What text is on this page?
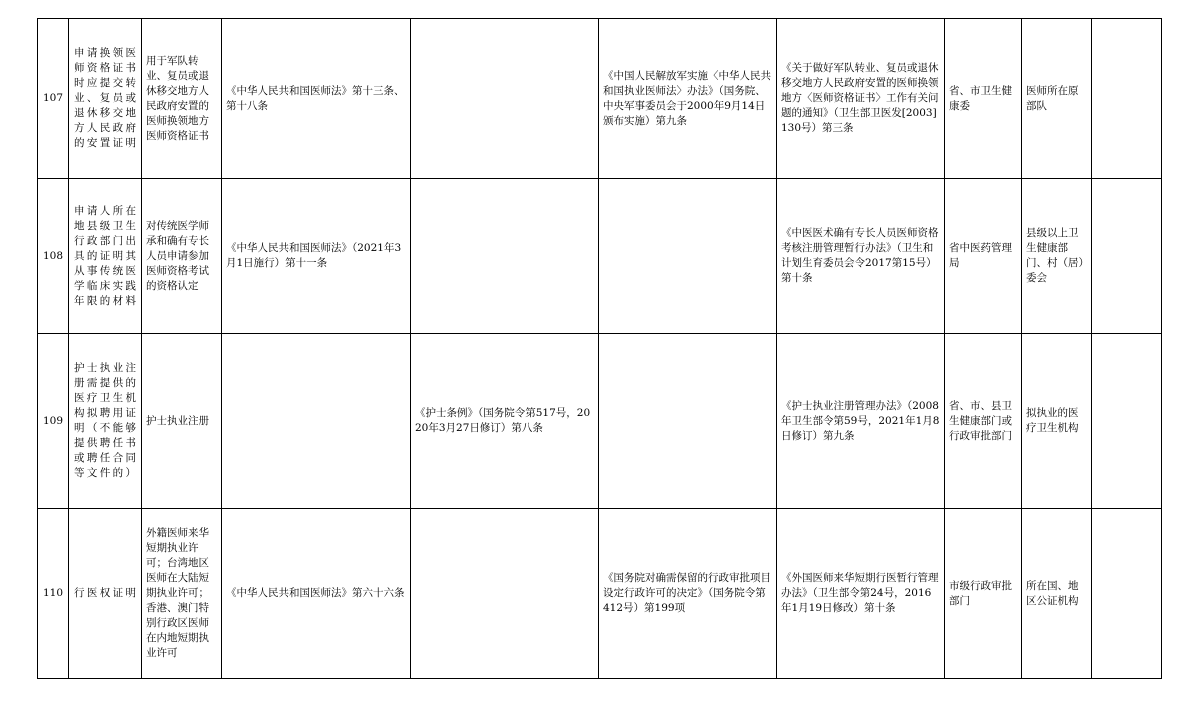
107	申请换领医师资格证书时应提交转业、复员或退休移交地方人民政府的安置证明	用于军队转业、复员或退休移交地方人民政府安置的医师换领地方医师资格证书	《中华人民共和国医师法》第十三条、第十八条		《中国人民解放军实施〈中华人民共和国执业医师法〉办法》（国务院、中央军事委员会于2000年9月14日颁布实施）第九条	《关于做好军队转业、复员或退休移交地方人民政府安置的医师换领地方〈医师资格证书〉工作有关问题的通知》（卫生部卫医发[2003]130号）第三条	省、市卫生健康委	医师所在原部队	
108	申请人所在地县级卫生行政部门出具的证明其从事传统医学临床实践年限的材料	对传统医学师承和确有专长人员申请参加医师资格考试的资格认定	《中华人民共和国医师法》（2021年3月1日施行）第十一条			《中医医术确有专长人员医师资格考核注册管理暂行办法》（卫生和计划生育委员会令2017第15号）第十条	省中医药管理局	县级以上卫生健康部门、村（居）委会	
109	护士执业注册需提供的医疗卫生机构拟聘用证明（不能够提供聘任书或聘任合同等文件的）	护士执业注册		《护士条例》（国务院令第517号，2020年3月27日修订）第八条		《护士执业注册管理办法》（2008年卫生部令第59号，2021年1月8日修订）第九条	省、市、县卫生健康部门或行政审批部门	拟执业的医疗卫生机构	
110	行医权证明	外籍医师来华短期执业许可；台湾地区医师在大陆短期执业许可；香港、澳门特别行政区医师在内地短期执业许可	《中华人民共和国医师法》第六十六条		《国务院对确需保留的行政审批项目设定行政许可的决定》（国务院令第412号）第199项	《外国医师来华短期行医暂行管理办法》（卫生部令第24号，2016年1月19日修改）第十条	市级行政审批部门	所在国、地区公证机构	
